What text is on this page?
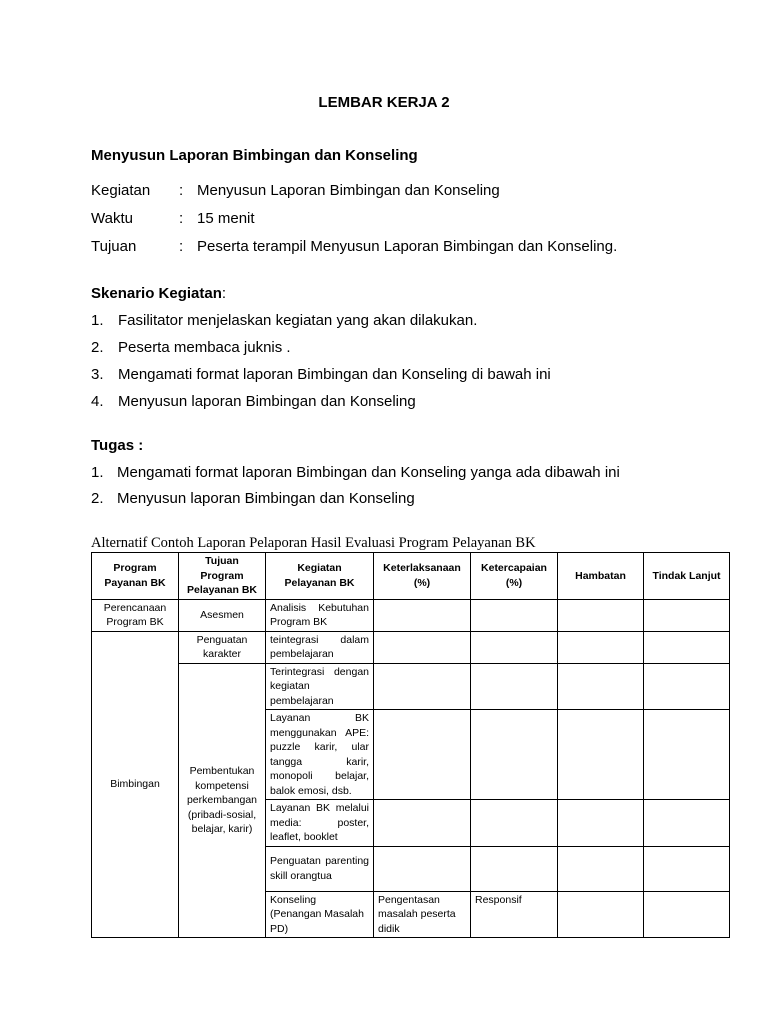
LEMBAR KERJA 2
Menyusun Laporan Bimbingan dan Konseling
Kegiatan : Menyusun Laporan Bimbingan dan Konseling
Waktu	: 15 menit
Tujuan	: Peserta terampil Menyusun Laporan Bimbingan dan Konseling.
Skenario Kegiatan:
1. Fasilitator menjelaskan kegiatan yang akan dilakukan.
2. Peserta membaca juknis .
3. Mengamati format laporan Bimbingan dan Konseling di bawah ini
4. Menyusun laporan Bimbingan dan Konseling
Tugas :
1. Mengamati format laporan Bimbingan dan Konseling yanga ada dibawah ini
2. Menyusun laporan Bimbingan dan Konseling
Alternatif Contoh Laporan Pelaporan Hasil Evaluasi Program Pelayanan BK
Program Payanan BK	Tujuan Program Pelayanan BK	Kegiatan Pelayanan BK	Keterlaksanaan (%)	Ketercapaian (%)	Hambatan	Tindak Lanjut	
Perencanaan Program BK	Asesmen	Analisis Kebutuhan Program BK					
Bimbingan	Penguatan karakter	teintegrasi dalam pembelajaran					
	Pembentukan kompetensi perkembangan (pribadi-sosial, belajar, karir)	Terintegrasi dengan kegiatan pembelajaran					
		Layanan BK menggunakan APE: puzzle karir, ular tangga karir, monopoli belajar, balok emosi, dsb.					
		Layanan BK melalui media: poster, leaflet, booklet					
		Penguatan parenting skill orangtua					
		Konseling (Penangan Masalah PD)	Pengentasan masalah peserta didik	Responsif				
